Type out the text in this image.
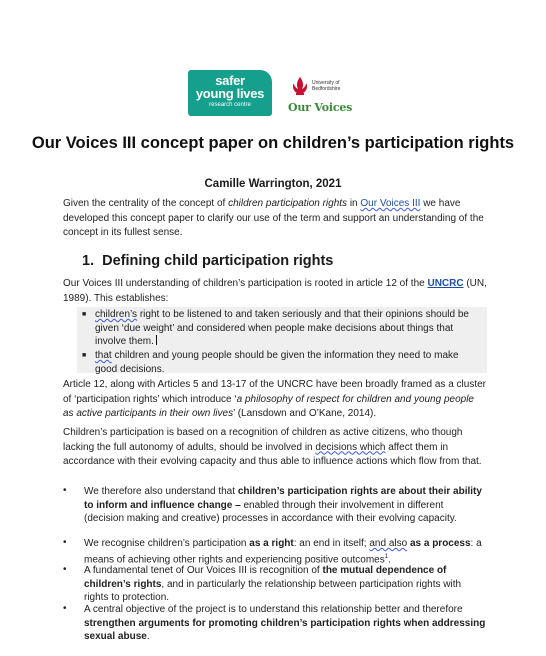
safer
young lives
research centre
University of
Bedfordshire
Our Voices
Our Voices III concept paper on children’s participation rights
Camille Warrington, 2021
Given the centrality of the concept of children participation rights in Our Voices III we have developed this concept paper to clarify our use of the term and support an understanding of the concept in its fullest sense.
1. Defining child participation rights
Our Voices III understanding of children’s participation is rooted in article 12 of the UNCRC (UN, 1989). This establishes:
■ children’s right to be listened to and taken seriously and that their opinions should be given ‘due weight’ and considered when people make decisions about things that involve them.
■ that children and young people should be given the information they need to make good decisions.
Article 12, along with Articles 5 and 13-17 of the UNCRC have been broadly framed as a cluster of ‘participation rights’ which introduce ‘a philosophy of respect for children and young people as active participants in their own lives’ (Lansdown and O’Kane, 2014).
Children’s participation is based on a recognition of children as active citizens, who though lacking the full autonomy of adults, should be involved in decisions which affect them in accordance with their evolving capacity and thus able to influence actions which flow from that.
• We therefore also understand that children’s participation rights are about their ability to inform and influence change – enabled through their involvement in different (decision making and creative) processes in accordance with their evolving capacity.
• We recognise children’s participation as a right: an end in itself; and also as a process: a means of achieving other rights and experiencing positive outcomes$^1$.
• A fundamental tenet of Our Voices III is recognition of the mutual dependence of children’s rights, and in particularly the relationship between participation rights with rights to protection.
• A central objective of the project is to understand this relationship better and therefore strengthen arguments for promoting children’s participation rights when addressing sexual abuse.
